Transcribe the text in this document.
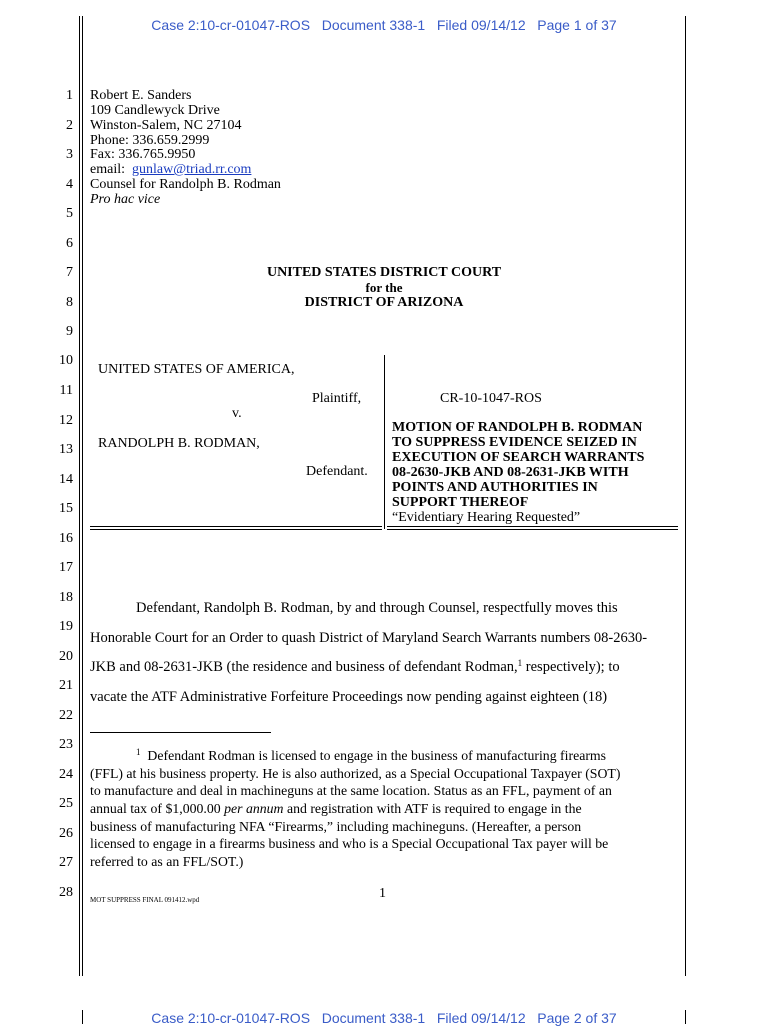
Case 2:10-cr-01047-ROS   Document 338-1   Filed 09/14/12   Page 1 of 37
1
2
3
4
5
6
7
8
9
10
11
12
13
14
15
16
17
18
19
20
21
22
23
24
25
26
27
28
Robert E. Sanders
109 Candlewyck Drive
Winston-Salem, NC 27104
Phone: 336.659.2999
Fax: 336.765.9950
email:  gunlaw@triad.rr.com
Counsel for Randolph B. Rodman
Pro hac vice
UNITED STATES DISTRICT COURT
for the
DISTRICT OF ARIZONA
UNITED STATES OF AMERICA,
Plaintiff,
v.
RANDOLPH B. RODMAN,
Defendant.
CR-10-1047-ROS
MOTION OF RANDOLPH B. RODMAN
TO SUPPRESS EVIDENCE SEIZED IN
EXECUTION OF SEARCH WARRANTS
08-2630-JKB AND 08-2631-JKB WITH
POINTS AND AUTHORITIES IN
SUPPORT THEREOF
“Evidentiary Hearing Requested”
Defendant, Randolph B. Rodman, by and through Counsel, respectfully moves this
Honorable Court for an Order to quash District of Maryland Search Warrants numbers 08-2630-
JKB and 08-2631-JKB (the residence and business of defendant Rodman,$^1$ respectively); to
vacate the ATF Administrative Forfeiture Proceedings now pending against eighteen (18)
$^1$  Defendant Rodman is licensed to engage in the business of manufacturing firearms
(FFL) at his business property. He is also authorized, as a Special Occupational Taxpayer (SOT)
to manufacture and deal in machineguns at the same location. Status as an FFL, payment of an
annual tax of $1,000.00 per annum and registration with ATF is required to engage in the
business of manufacturing NFA “Firearms,” including machineguns. (Hereafter, a person
licensed to engage in a firearms business and who is a Special Occupational Tax payer will be
referred to as an FFL/SOT.)
MOT SUPPRESS FINAL 091412.wpd	1
Case 2:10-cr-01047-ROS   Document 338-1   Filed 09/14/12   Page 2 of 37
